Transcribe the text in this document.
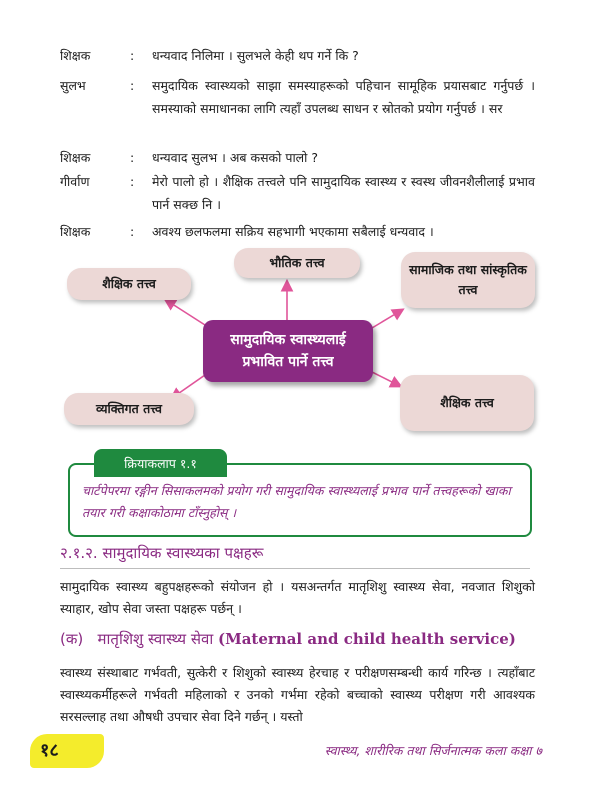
शिक्षक	: धन्यवाद निलिमा । सुलभले केही थप गर्ने कि ?
सुलभ	: समुदायिक स्वास्थ्यको साझा समस्याहरूको पहिचान सामूहिक प्रयासबाट गर्नुपर्छ । समस्याको समाधानका लागि त्यहाँ उपलब्ध साधन र स्रोतको प्रयोग गर्नुपर्छ । सर
शिक्षक	: धन्यवाद सुलभ । अब कसको पालो ?
गीर्वाण	: मेरो पालो हो । शैक्षिक तत्त्वले पनि सामुदायिक स्वास्थ्य र स्वस्थ जीवनशैलीलाई प्रभाव पार्न सक्छ नि ।
शिक्षक	: अवश्य छलफलमा सक्रिय सहभागी भएकामा सबैलाई धन्यवाद ।
भौतिक तत्त्व
शैक्षिक तत्त्व
सामाजिक तथा सांस्कृतिक तत्त्व
व्यक्तिगत तत्त्व	शैक्षिक तत्त्व
सामुदायिक स्वास्थ्यलाई प्रभावित पार्ने तत्त्व
क्रियाकलाप १.१
चार्टपेपरमा रङ्गीन सिसाकलमको प्रयोग गरी सामुदायिक स्वास्थ्यलाई प्रभाव पार्ने तत्त्वहरूको खाका तयार गरी कक्षाकोठामा टाँस्नुहोस् ।
२.१.२. सामुदायिक स्वास्थ्यका पक्षहरू
सामुदायिक स्वास्थ्य बहुपक्षहरूको संयोजन हो । यसअन्तर्गत मातृशिशु स्वास्थ्य सेवा, नवजात शिशुको स्याहार, खोप सेवा जस्ता पक्षहरू पर्छन् ।
(क) मातृशिशु स्वास्थ्य सेवा (Maternal and child health service)
स्वास्थ्य संस्थाबाट गर्भवती, सुत्केरी र शिशुको स्वास्थ्य हेरचाह र परीक्षणसम्बन्धी कार्य गरिन्छ । त्यहाँबाट स्वास्थ्यकर्मीहरूले गर्भवती महिलाको र उनको गर्भमा रहेको बच्चाको स्वास्थ्य परीक्षण गरी आवश्यक सरसल्लाह तथा औषधी उपचार सेवा दिने गर्छन् । यस्तो
१८	स्वास्थ्य, शारीरिक तथा सिर्जनात्मक कला कक्षा ७
